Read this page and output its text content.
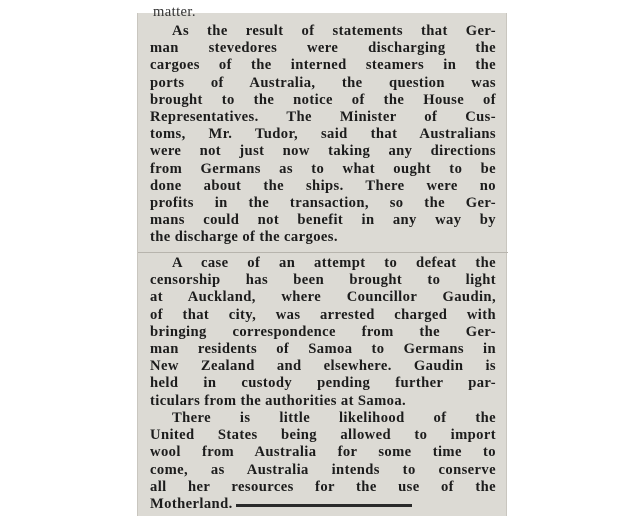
matter.
As the result of statements that Ger-
man stevedores were discharging the
cargoes of the interned steamers in the
ports of Australia, the question was
brought to the notice of the House of
Representatives. The Minister of Cus-
toms, Mr. Tudor, said that Australians
were not just now taking any directions
from Germans as to what ought to be
done about the ships. There were no
profits in the transaction, so the Ger-
mans could not benefit in any way by
the discharge of the cargoes.
A case of an attempt to defeat the
censorship has been brought to light
at Auckland, where Councillor Gaudin,
of that city, was arrested charged with
bringing correspondence from the Ger-
man residents of Samoa to Germans in
New Zealand and elsewhere. Gaudin is
held in custody pending further par-
ticulars from the authorities at Samoa.
There is little likelihood of the
United States being allowed to import
wool from Australia for some time to
come, as Australia intends to conserve
all her resources for the use of the
Motherland.
